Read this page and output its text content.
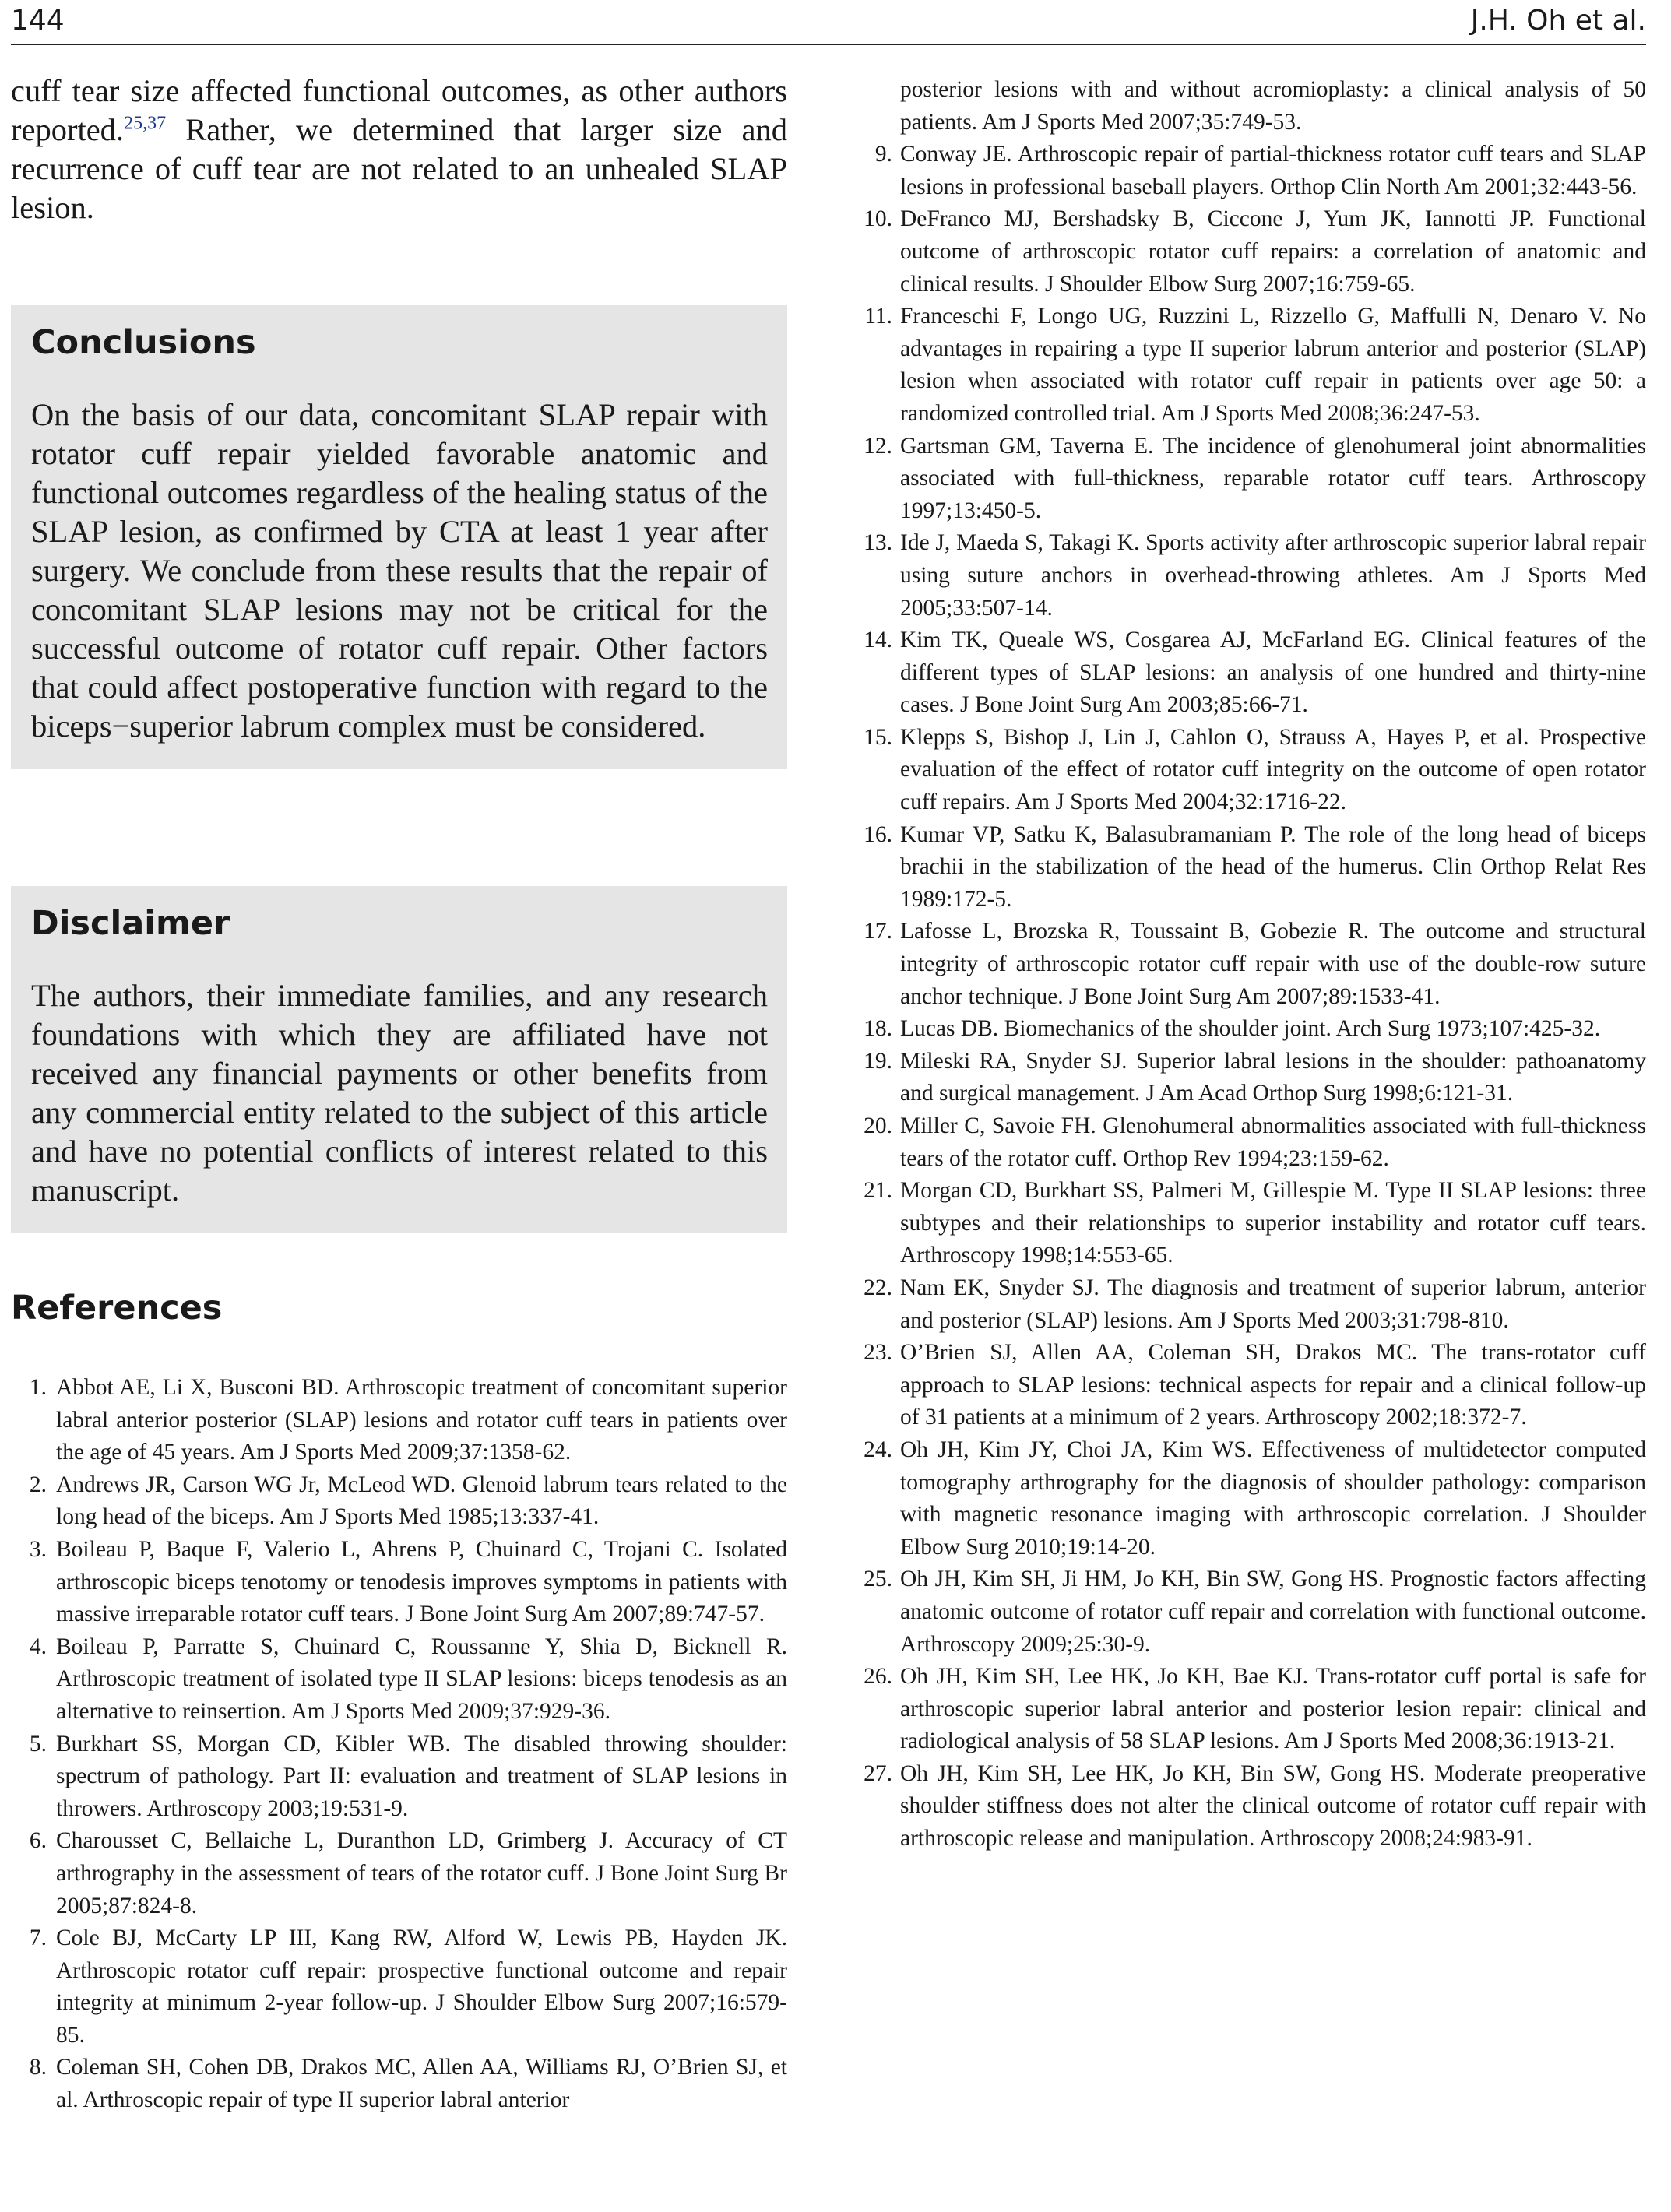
144	J.H. Oh et al.

cuff tear size affected functional outcomes, as other authors reported.$^{25,37}$ Rather, we determined that larger size and recurrence of cuff tear are not related to an unhealed SLAP lesion.

Conclusions

On the basis of our data, concomitant SLAP repair with rotator cuff repair yielded favorable anatomic and functional outcomes regardless of the healing status of the SLAP lesion, as confirmed by CTA at least 1 year after surgery. We conclude from these results that the repair of concomitant SLAP lesions may not be critical for the successful outcome of rotator cuff repair. Other factors that could affect postoperative function with regard to the biceps−superior labrum complex must be considered.

Disclaimer

The authors, their immediate families, and any research foundations with which they are affiliated have not received any financial payments or other benefits from any commercial entity related to the subject of this article and have no potential conflicts of interest related to this manuscript.

References
1. Abbot AE, Li X, Busconi BD. Arthroscopic treatment of concomitant superior labral anterior posterior (SLAP) lesions and rotator cuff tears in patients over the age of 45 years. Am J Sports Med 2009;37:1358-62.
2. Andrews JR, Carson WG Jr, McLeod WD. Glenoid labrum tears related to the long head of the biceps. Am J Sports Med 1985;13:337-41.
3. Boileau P, Baque F, Valerio L, Ahrens P, Chuinard C, Trojani C. Isolated arthroscopic biceps tenotomy or tenodesis improves symptoms in patients with massive irreparable rotator cuff tears. J Bone Joint Surg Am 2007;89:747-57.
4. Boileau P, Parratte S, Chuinard C, Roussanne Y, Shia D, Bicknell R. Arthroscopic treatment of isolated type II SLAP lesions: biceps tenodesis as an alternative to reinsertion. Am J Sports Med 2009;37:929-36.
5. Burkhart SS, Morgan CD, Kibler WB. The disabled throwing shoulder: spectrum of pathology. Part II: evaluation and treatment of SLAP lesions in throwers. Arthroscopy 2003;19:531-9.
6. Charousset C, Bellaiche L, Duranthon LD, Grimberg J. Accuracy of CT arthrography in the assessment of tears of the rotator cuff. J Bone Joint Surg Br 2005;87:824-8.
7. Cole BJ, McCarty LP III, Kang RW, Alford W, Lewis PB, Hayden JK. Arthroscopic rotator cuff repair: prospective functional outcome and repair integrity at minimum 2-year follow-up. J Shoulder Elbow Surg 2007;16:579-85.
8. Coleman SH, Cohen DB, Drakos MC, Allen AA, Williams RJ, O’Brien SJ, et al. Arthroscopic repair of type II superior labral anterior
posterior lesions with and without acromioplasty: a clinical analysis of 50 patients. Am J Sports Med 2007;35:749-53.
9. Conway JE. Arthroscopic repair of partial-thickness rotator cuff tears and SLAP lesions in professional baseball players. Orthop Clin North Am 2001;32:443-56.
10. DeFranco MJ, Bershadsky B, Ciccone J, Yum JK, Iannotti JP. Functional outcome of arthroscopic rotator cuff repairs: a correlation of anatomic and clinical results. J Shoulder Elbow Surg 2007;16:759-65.
11. Franceschi F, Longo UG, Ruzzini L, Rizzello G, Maffulli N, Denaro V. No advantages in repairing a type II superior labrum anterior and posterior (SLAP) lesion when associated with rotator cuff repair in patients over age 50: a randomized controlled trial. Am J Sports Med 2008;36:247-53.
12. Gartsman GM, Taverna E. The incidence of glenohumeral joint abnormalities associated with full-thickness, reparable rotator cuff tears. Arthroscopy 1997;13:450-5.
13. Ide J, Maeda S, Takagi K. Sports activity after arthroscopic superior labral repair using suture anchors in overhead-throwing athletes. Am J Sports Med 2005;33:507-14.
14. Kim TK, Queale WS, Cosgarea AJ, McFarland EG. Clinical features of the different types of SLAP lesions: an analysis of one hundred and thirty-nine cases. J Bone Joint Surg Am 2003;85:66-71.
15. Klepps S, Bishop J, Lin J, Cahlon O, Strauss A, Hayes P, et al. Prospective evaluation of the effect of rotator cuff integrity on the outcome of open rotator cuff repairs. Am J Sports Med 2004;32:1716-22.
16. Kumar VP, Satku K, Balasubramaniam P. The role of the long head of biceps brachii in the stabilization of the head of the humerus. Clin Orthop Relat Res 1989:172-5.
17. Lafosse L, Brozska R, Toussaint B, Gobezie R. The outcome and structural integrity of arthroscopic rotator cuff repair with use of the double-row suture anchor technique. J Bone Joint Surg Am 2007;89:1533-41.
18. Lucas DB. Biomechanics of the shoulder joint. Arch Surg 1973;107:425-32.
19. Mileski RA, Snyder SJ. Superior labral lesions in the shoulder: pathoanatomy and surgical management. J Am Acad Orthop Surg 1998;6:121-31.
20. Miller C, Savoie FH. Glenohumeral abnormalities associated with full-thickness tears of the rotator cuff. Orthop Rev 1994;23:159-62.
21. Morgan CD, Burkhart SS, Palmeri M, Gillespie M. Type II SLAP lesions: three subtypes and their relationships to superior instability and rotator cuff tears. Arthroscopy 1998;14:553-65.
22. Nam EK, Snyder SJ. The diagnosis and treatment of superior labrum, anterior and posterior (SLAP) lesions. Am J Sports Med 2003;31:798-810.
23. O’Brien SJ, Allen AA, Coleman SH, Drakos MC. The trans-rotator cuff approach to SLAP lesions: technical aspects for repair and a clinical follow-up of 31 patients at a minimum of 2 years. Arthroscopy 2002;18:372-7.
24. Oh JH, Kim JY, Choi JA, Kim WS. Effectiveness of multidetector computed tomography arthrography for the diagnosis of shoulder pathology: comparison with magnetic resonance imaging with arthroscopic correlation. J Shoulder Elbow Surg 2010;19:14-20.
25. Oh JH, Kim SH, Ji HM, Jo KH, Bin SW, Gong HS. Prognostic factors affecting anatomic outcome of rotator cuff repair and correlation with functional outcome. Arthroscopy 2009;25:30-9.
26. Oh JH, Kim SH, Lee HK, Jo KH, Bae KJ. Trans-rotator cuff portal is safe for arthroscopic superior labral anterior and posterior lesion repair: clinical and radiological analysis of 58 SLAP lesions. Am J Sports Med 2008;36:1913-21.
27. Oh JH, Kim SH, Lee HK, Jo KH, Bin SW, Gong HS. Moderate preoperative shoulder stiffness does not alter the clinical outcome of rotator cuff repair with arthroscopic release and manipulation. Arthroscopy 2008;24:983-91.
